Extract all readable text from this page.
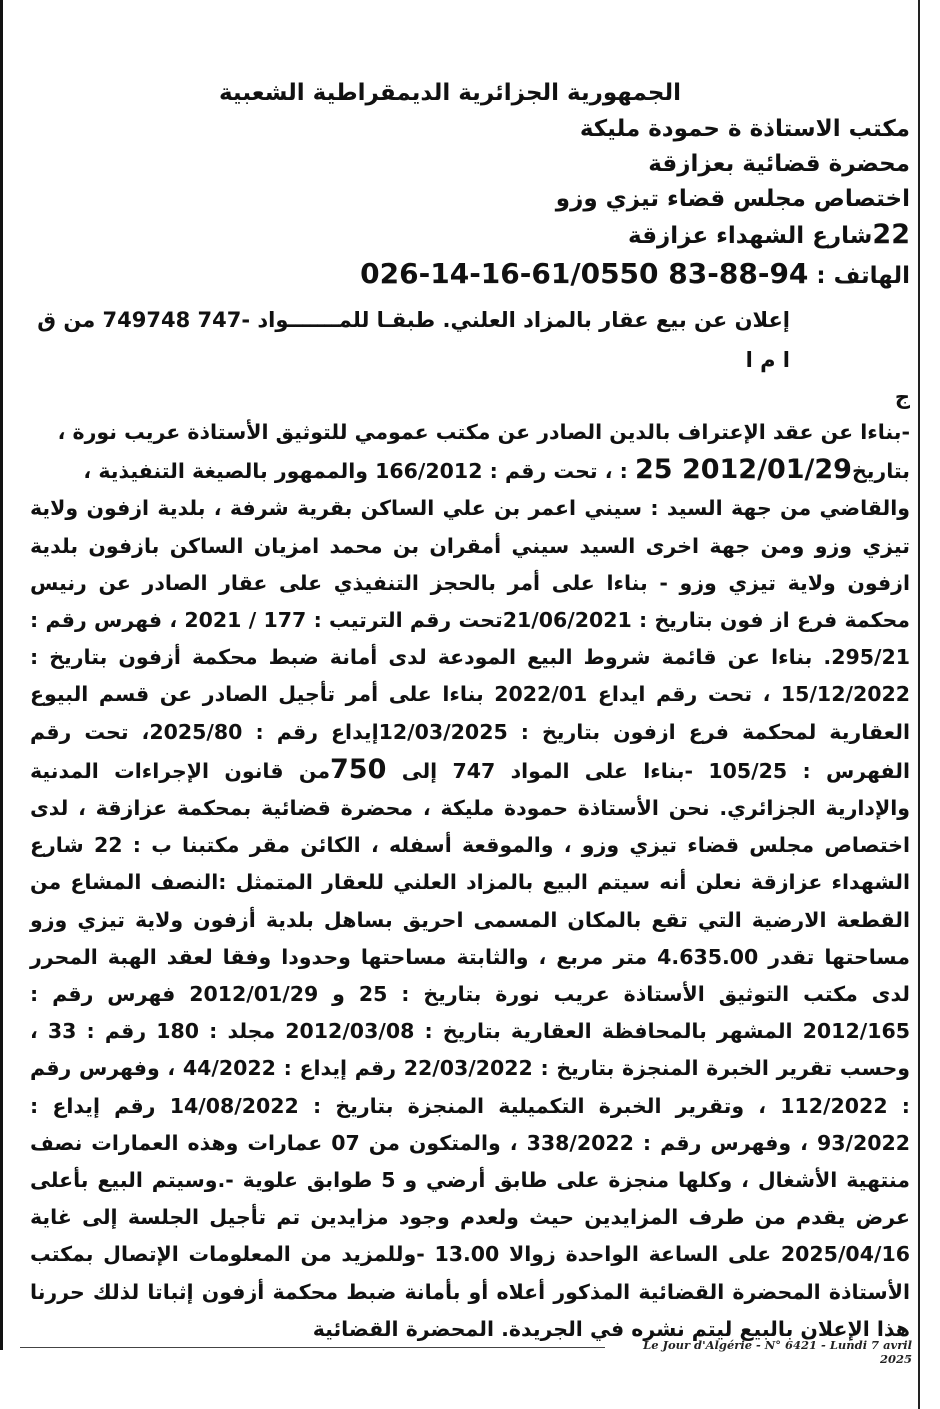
الجمهورية الجزائرية الديمقراطية الشعبية

مكتب الاستاذة ة حمودة مليكة

محضرة قضائية بعزازقة

اختصاص مجلس قضاء تيزي وزو

22شارع الشهداء عزازقة

الهاتف : 026-14-16-61/0550 83-88-94

إعلان عن بيع عقار بالمزاد العلني. طبقـا للمـــــــواد -747 749748 من ق ا م ا

ج

-بناءا عن عقد الإعتراف بالدين الصادر عن مكتب عمومي للتوثيق الأستاذة عريب نورة ،

بتاريخ2012/01/29 25 : ، تحت رقم : 166/2012 والممهور بالصيغة التنفيذية ،

والقاضي من جهة السيد : سيني اعمر بن علي الساكن بقرية شرفة ، بلدية ازفون ولاية تيزي وزو ومن جهة اخرى السيد سيني أمقران بن محمد امزيان الساكن بازفون بلدية ازفون ولاية تيزي وزو - بناءا على أمر بالحجز التنفيذي على عقار الصادر عن رنيس محكمة فرع از فون بتاريخ : 21/06/2021تحت رقم الترتيب : 177 / 2021 ، فهرس رقم : 295/21. بناءا عن قائمة شروط البيع المودعة لدى أمانة ضبط محكمة أزفون بتاريخ : 15/12/2022 ، تحت رقم ايداع 2022/01 بناءا على أمر تأجيل الصادر عن قسم البيوع العقارية لمحكمة فرع ازفون بتاريخ : 12/03/2025إيداع رقم : 2025/80، تحت رقم الفهرس : 105/25 -بناءا على المواد 747 إلى 750من قانون الإجراءات المدنية والإدارية الجزائري. نحن الأستاذة حمودة مليكة ، محضرة قضائية بمحكمة عزازقة ، لدى اختصاص مجلس قضاء تيزي وزو ، والموقعة أسفله ، الكائن مقر مكتبنا ب : 22 شارع الشهداء عزازقة نعلن أنه سيتم البيع بالمزاد العلني للعقار المتمثل :النصف المشاع من القطعة الارضية التي تقع بالمكان المسمى احريق بساهل بلدية أزفون ولاية تيزي وزو مساحتها تقدر 4.635.00 متر مربع ، والثابتة مساحتها وحدودا وفقا لعقد الهبة المحرر لدى مكتب التوثيق الأستاذة عريب نورة بتاريخ : 25 و 2012/01/29 فهرس رقم : 2012/165 المشهر بالمحافظة العقارية بتاريخ : 2012/03/08 مجلد : 180 رقم : 33 ، وحسب تقرير الخبرة المنجزة بتاريخ : 22/03/2022 رقم إيداع : 44/2022 ، وفهرس رقم : 112/2022 ، وتقرير الخبرة التكميلية المنجزة بتاريخ : 14/08/2022 رقم إيداع : 93/2022 ، وفهرس رقم : 338/2022 ، والمتكون من 07 عمارات وهذه العمارات نصف منتهية الأشغال ، وكلها منجزة على طابق أرضي و 5 طوابق علوية -.وسيتم البيع بأعلى عرض يقدم من طرف المزايدين حيث ولعدم وجود مزايدين تم تأجيل الجلسة إلى غاية 2025/04/16 على الساعة الواحدة زوالا 13.00 -وللمزيد من المعلومات الإتصال بمكتب الأستاذة المحضرة القضائية المذكور أعلاه أو بأمانة ضبط محكمة أزفون إثباتا لذلك حررنا هذا الإعلان بالبيع ليتم نشره في الجريدة. المحضرة القضائية

Le Jour d'Algérie - N° 6421 - Lundi 7 avril 2025
